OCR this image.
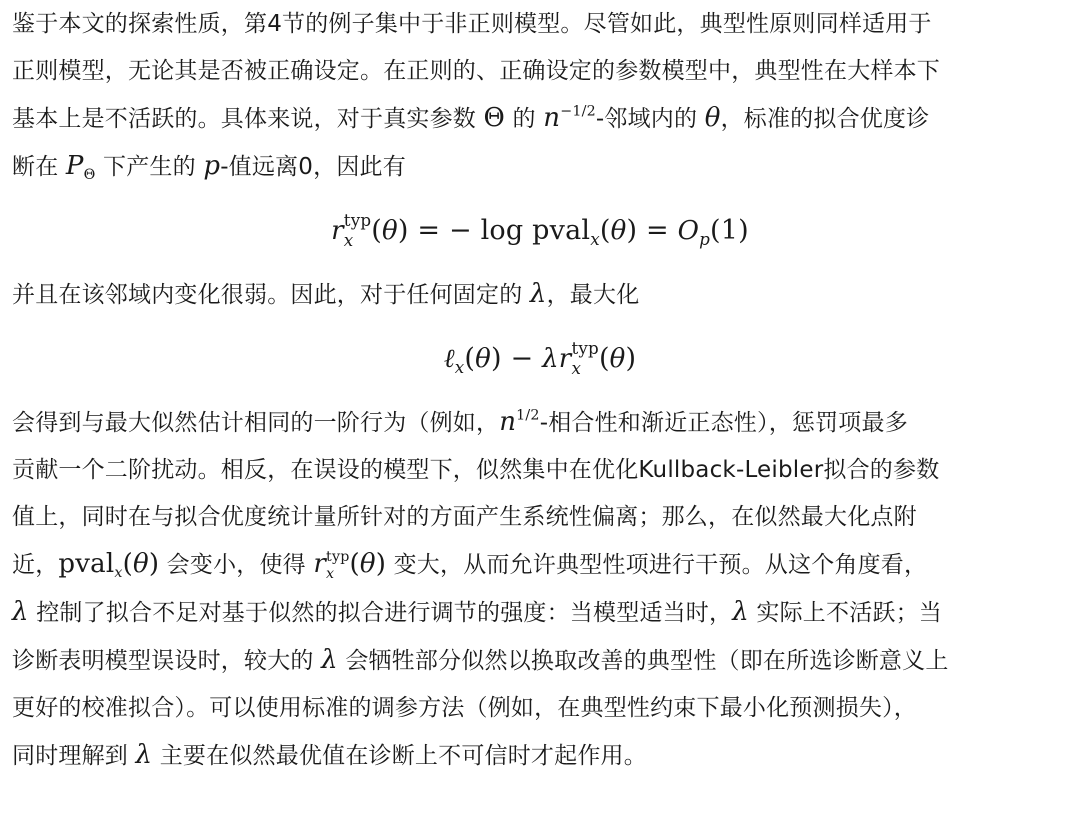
鉴于本文的探索性质，第4节的例子集中于非正则模型。尽管如此，典型性原则同样适用于
正则模型，无论其是否被正确设定。在正则的、正确设定的参数模型中，典型性在大样本下
基本上是不活跃的。具体来说，对于真实参数 Θ 的 $n^{-1/2}-$邻域内的 θ，标准的拟合优度诊
断在 $P_\Theta$ 下产生的 p-值远离0，因此有
r typ
x (θ) = − log pval$_x$(θ) = $O_p(1)$
并且在该邻域内变化很弱。因此，对于任何固定的 λ，最大化
ℓ$_x$(θ) − λr typ
x (θ)
会得到与最大似然估计相同的一阶行为（例如，$n^{1/2}-$相合性和渐近正态性），惩罚项最多
贡献一个二阶扰动。相反，在误设的模型下，似然集中在优化Kullback-Leibler拟合的参数
值上，同时在与拟合优度统计量所针对的方面产生系统性偏离；那么，在似然最大化点附
近，pval$_x$(θ) 会变小，使得 r typ
x (θ) 变大，从而允许典型性项进行干预。从这个角度看，
λ 控制了拟合不足对基于似然的拟合进行调节的强度：当模型适当时，λ 实际上不活跃；当
诊断表明模型误设时，较大的 λ 会牺牲部分似然以换取改善的典型性（即在所选诊断意义上
更好的校准拟合）。可以使用标准的调参方法（例如，在典型性约束下最小化预测损失），
同时理解到 λ 主要在似然最优值在诊断上不可信时才起作用。
